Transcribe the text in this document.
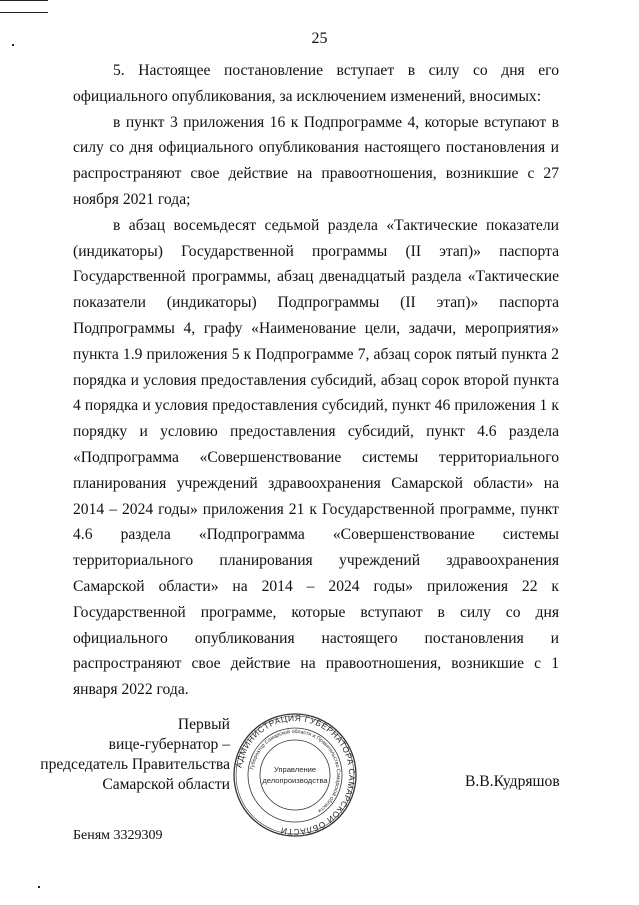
25

5. Настоящее постановление вступает в силу со дня его официального опубликования, за исключением изменений, вносимых:

в пункт 3 приложения 16 к Подпрограмме 4, которые вступают в силу со дня официального опубликования настоящего постановления и распространяют свое действие на правоотношения, возникшие с 27 ноября 2021 года;

в абзац восемьдесят седьмой раздела «Тактические показатели (индикаторы) Государственной программы (II этап)» паспорта Государственной программы, абзац двенадцатый раздела «Тактические показатели (индикаторы) Подпрограммы (II этап)» паспорта Подпрограммы 4, графу «Наименование цели, задачи, мероприятия» пункта 1.9 приложения 5 к Подпрограмме 7, абзац сорок пятый пункта 2 порядка и условия предоставления субсидий, абзац сорок второй пункта 4 порядка и условия предоставления субсидий, пункт 46 приложения 1 к порядку и условию предоставления субсидий, пункт 4.6 раздела «Подпрограмма «Совершенствование системы территориального планирования учреждений здравоохранения Самарской области» на 2014 – 2024 годы» приложения 21 к Государственной программе, пункт 4.6 раздела «Подпрограмма «Совершенствование системы территориального планирования учреждений здравоохранения Самарской области» на 2014 – 2024 годы» приложения 22 к Государственной программе, которые вступают в силу со дня официального опубликования настоящего постановления и распространяют свое действие на правоотношения, возникшие с 1 января 2022 года.

Первый
вице-губернатор –
председатель Правительства
Самарской области	В.В.Кудряшов
АДМИНИСТРАЦИЯ ГУБЕРНАТОРА САМАРСКОЙ ОБЛАСТИ
Губернатор Самарской области и Правительство Самарской области
Управление
делопроизводства
Беням 3329309
